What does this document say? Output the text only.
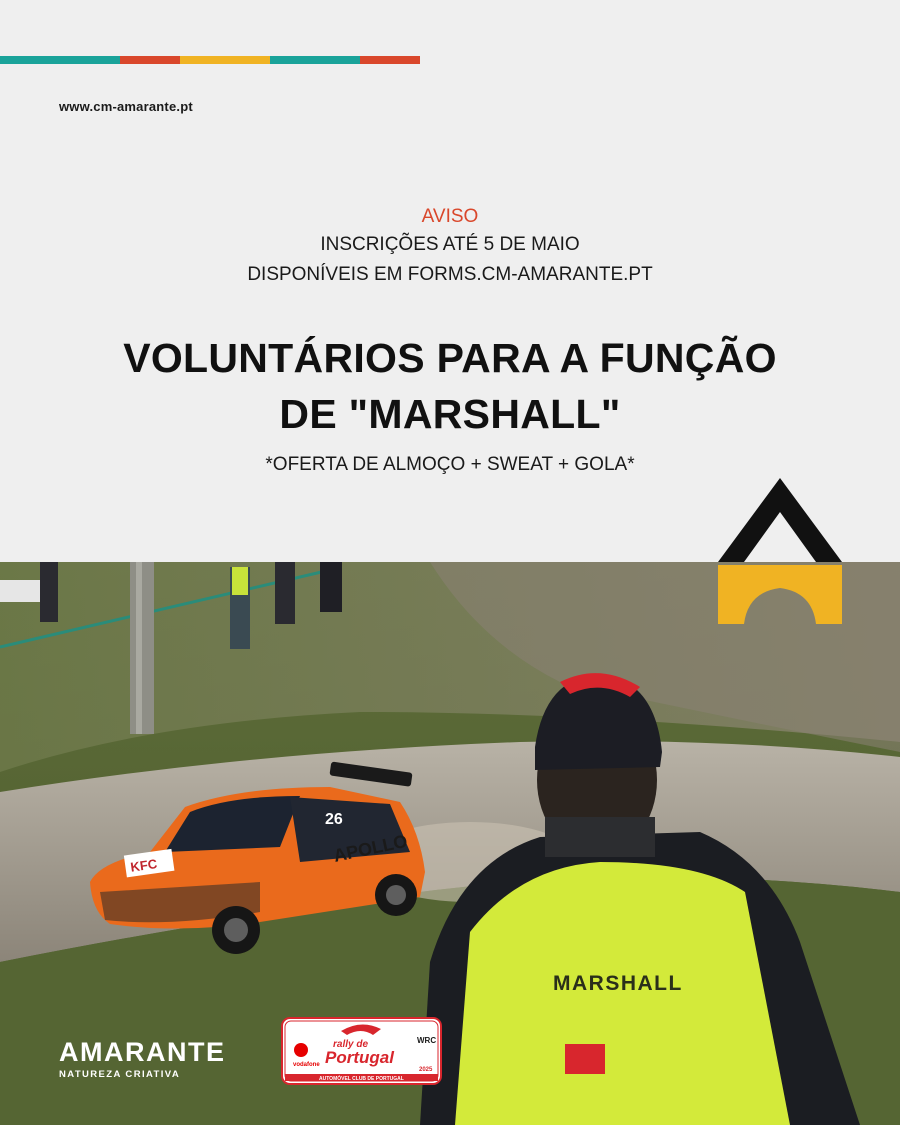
www.cm-amarante.pt
AVISO
INSCRIÇÕES ATÉ 5 DE MAIO
DISPONÍVEIS EM FORMS.CM-AMARANTE.PT
VOLUNTÁRIOS PARA A FUNÇÃO
DE "MARSHALL"
*OFERTA DE ALMOÇO + SWEAT + GOLA*
APOLLO
26
KFC
MARSHALL
AMARANTE
NATUREZA CRIATIVA
vodafone
rally de
Portugal
WRC
2025
AUTOMÓVEL CLUB DE PORTUGAL
